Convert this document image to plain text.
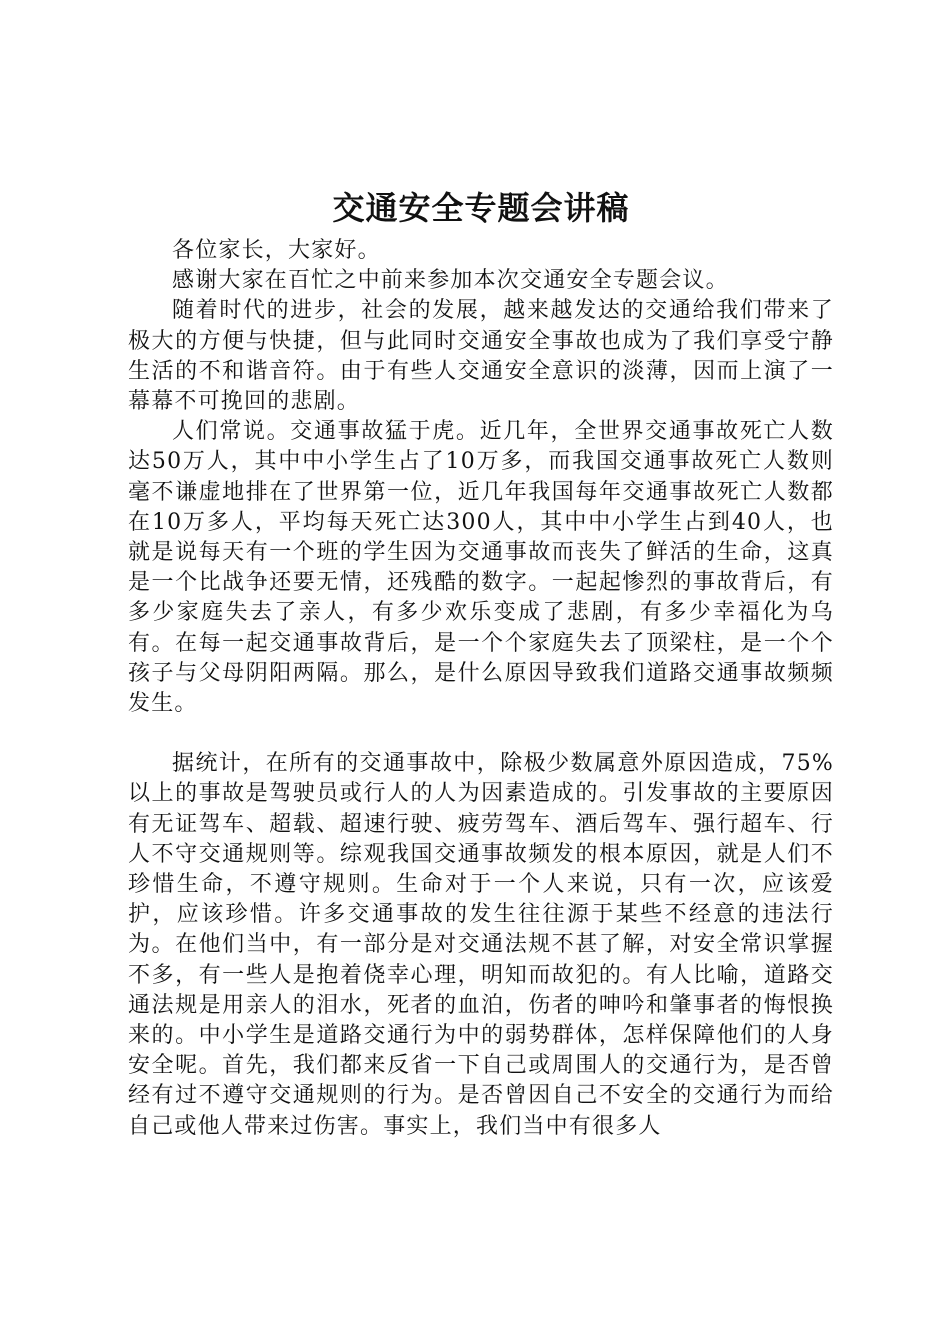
交通安全专题会讲稿

各位家长，大家好。

感谢大家在百忙之中前来参加本次交通安全专题会议。

随着时代的进步，社会的发展，越来越发达的交通给我们带来了极大的方便与快捷，但与此同时交通安全事故也成为了我们享受宁静生活的不和谐音符。由于有些人交通安全意识的淡薄，因而上演了一幕幕不可挽回的悲剧。

人们常说。交通事故猛于虎。近几年，全世界交通事故死亡人数达50万人，其中中小学生占了10万多，而我国交通事故死亡人数则毫不谦虚地排在了世界第一位，近几年我国每年交通事故死亡人数都在10万多人，平均每天死亡达300人，其中中小学生占到40人，也就是说每天有一个班的学生因为交通事故而丧失了鲜活的生命，这真是一个比战争还要无情，还残酷的数字。一起起惨烈的事故背后，有多少家庭失去了亲人，有多少欢乐变成了悲剧，有多少幸福化为乌有。在每一起交通事故背后，是一个个家庭失去了顶梁柱，是一个个孩子与父母阴阳两隔。那么，是什么原因导致我们道路交通事故频频发生。

据统计，在所有的交通事故中，除极少数属意外原因造成，75%以上的事故是驾驶员或行人的人为因素造成的。引发事故的主要原因有无证驾车、超载、超速行驶、疲劳驾车、酒后驾车、强行超车、行人不守交通规则等。综观我国交通事故频发的根本原因，就是人们不珍惜生命，不遵守规则。生命对于一个人来说，只有一次，应该爱护，应该珍惜。许多交通事故的发生往往源于某些不经意的违法行为。在他们当中，有一部分是对交通法规不甚了解，对安全常识掌握不多，有一些人是抱着侥幸心理，明知而故犯的。有人比喻，道路交通法规是用亲人的泪水，死者的血泊，伤者的呻吟和肇事者的悔恨换来的。中小学生是道路交通行为中的弱势群体，怎样保障他们的人身安全呢。首先，我们都来反省一下自己或周围人的交通行为，是否曾经有过不遵守交通规则的行为。是否曾因自己不安全的交通行为而给自己或他人带来过伤害。事实上，我们当中有很多人
